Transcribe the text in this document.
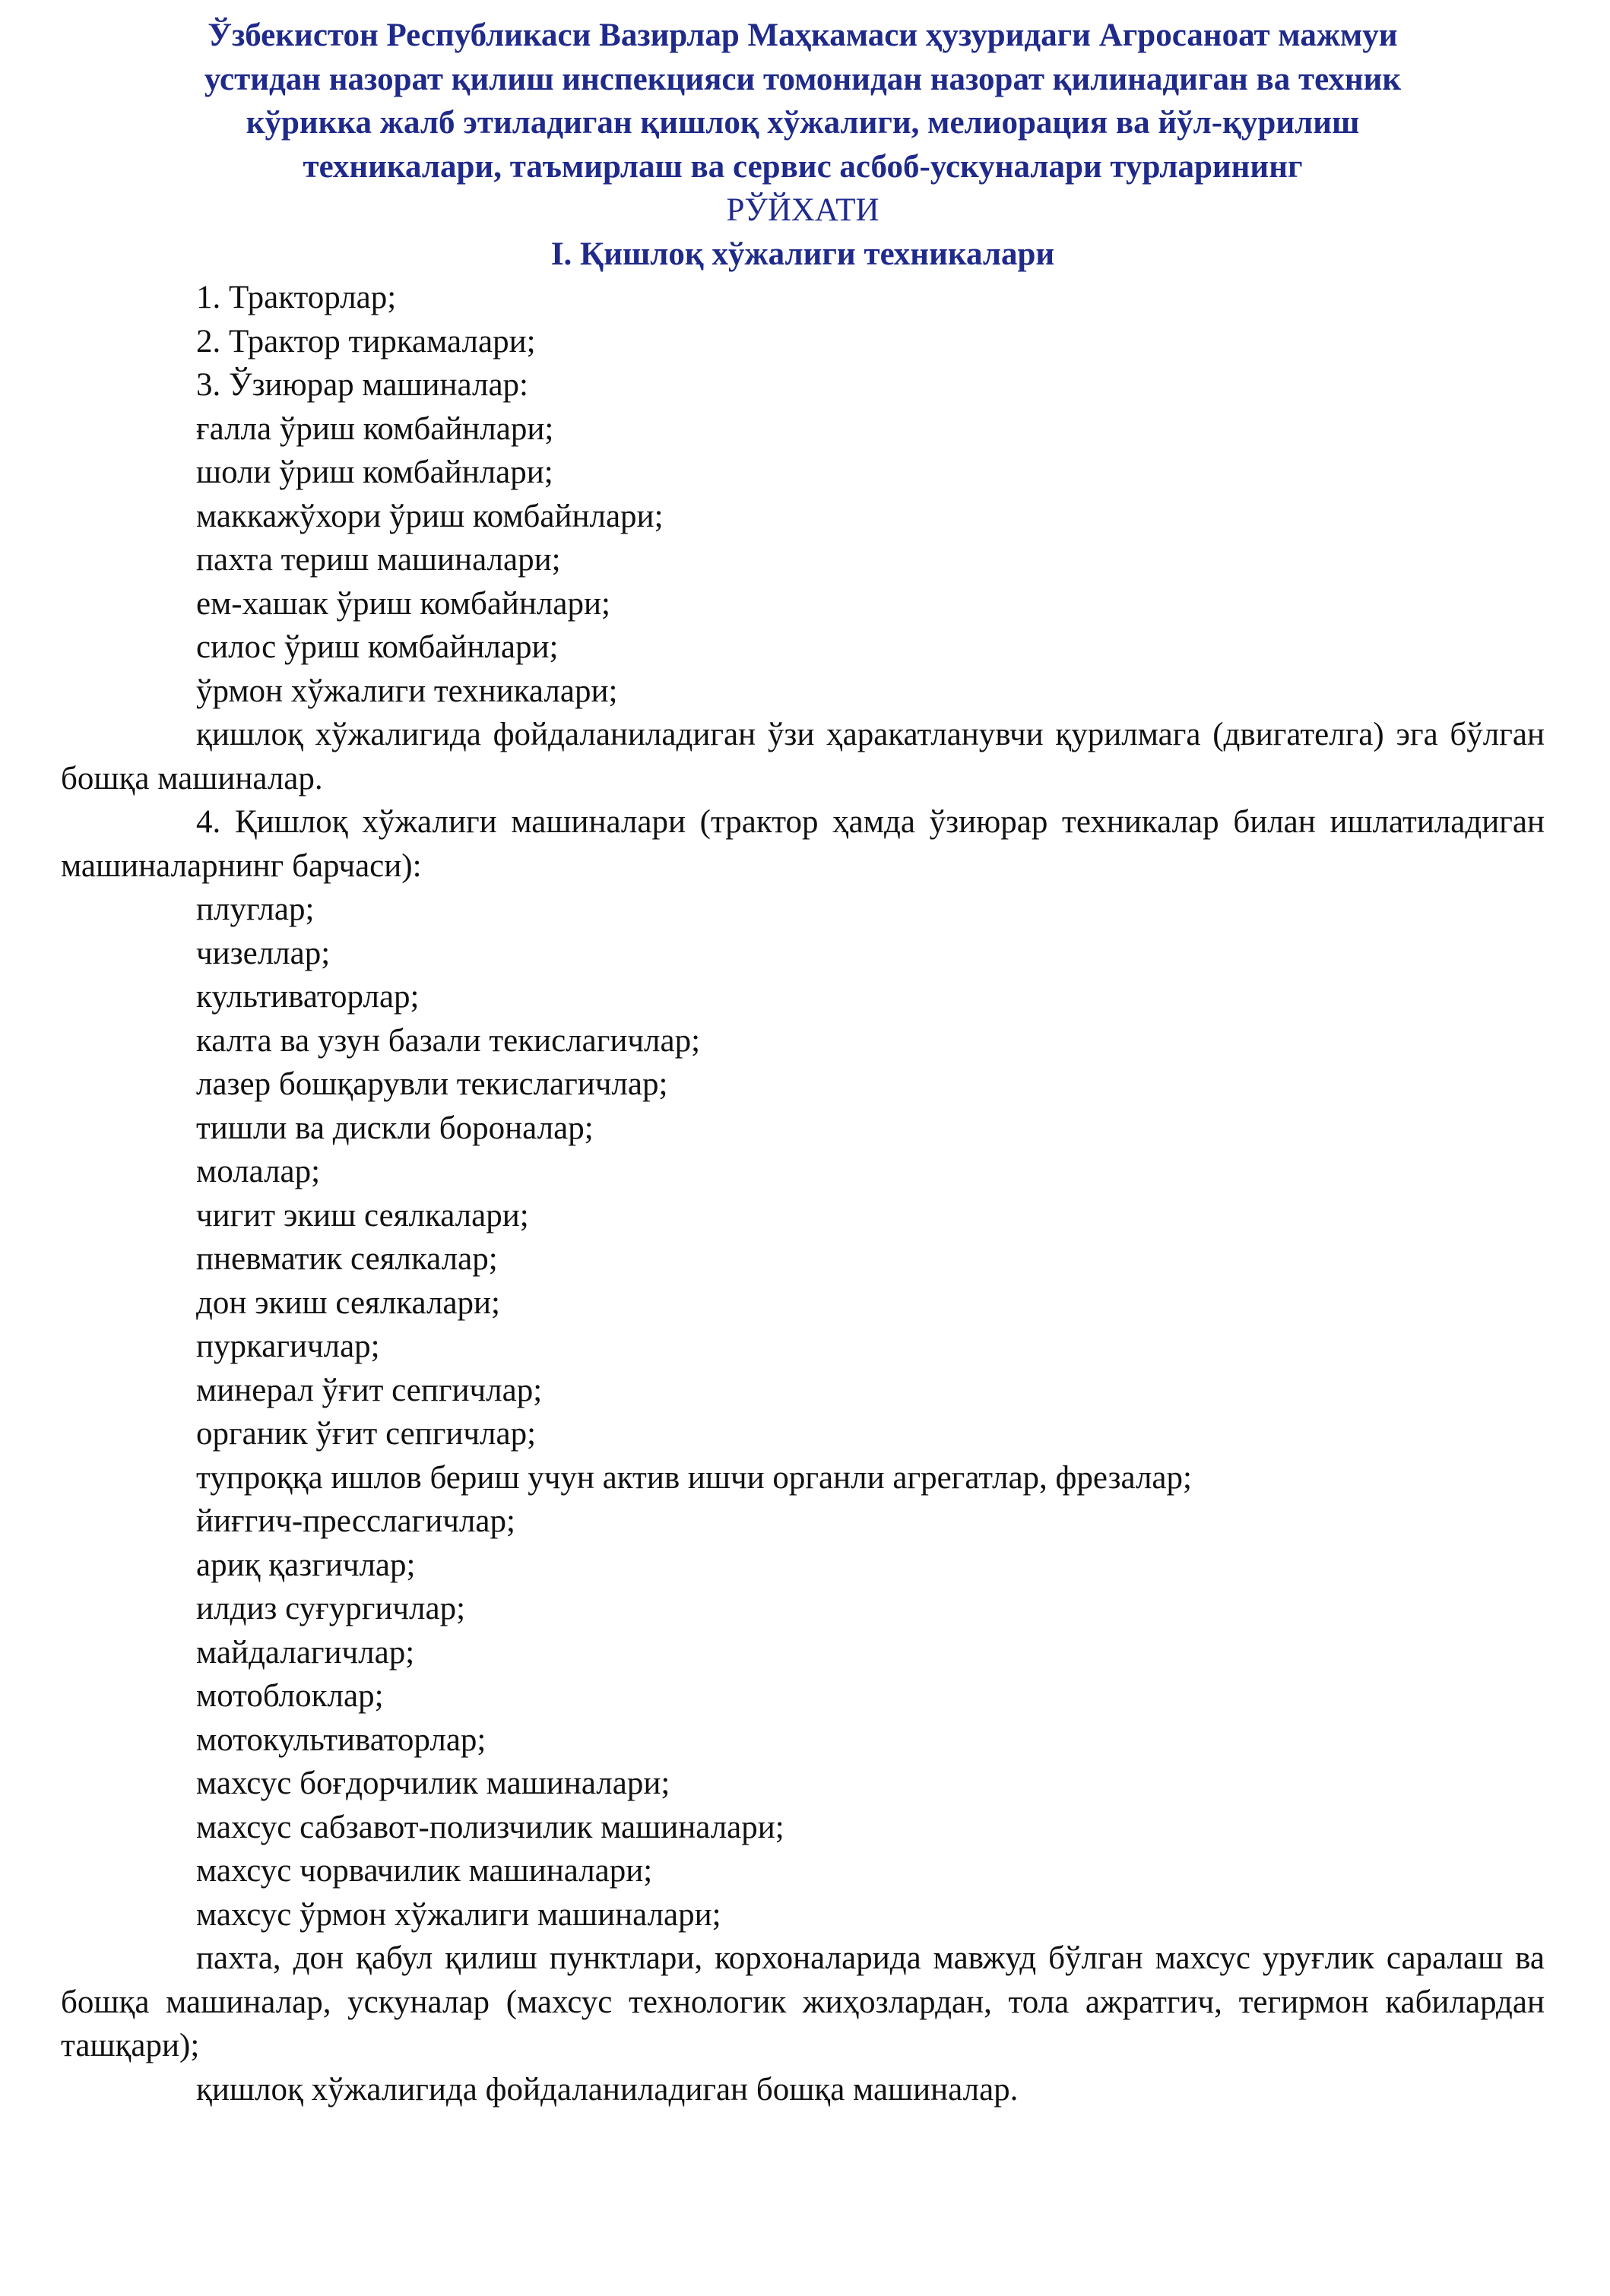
Ўзбекистон Республикаси Вазирлар Маҳкамаси ҳузуридаги Агросаноат мажмуи
устидан назорат қилиш инспекцияси томонидан назорат қилинадиган ва техник
кўрикка жалб этиладиган қишлоқ хўжалиги, мелиорация ва йўл-қурилиш
техникалари, таъмирлаш ва сервис асбоб-ускуналари турларининг
РЎЙХАТИ
I. Қишлоқ хўжалиги техникалари

1. Тракторлар;

2. Трактор тиркамалари;

3. Ўзиюрар машиналар:

ғалла ўриш комбайнлари;

шоли ўриш комбайнлари;

маккажўхори ўриш комбайнлари;

пахта териш машиналари;

ем-хашак ўриш комбайнлари;

силос ўриш комбайнлари;

ўрмон хўжалиги техникалари;

қишлоқ хўжалигида фойдаланиладиган ўзи ҳаракатланувчи қурилмага (двигателга) эга бўлган бошқа машиналар.

4. Қишлоқ хўжалиги машиналари (трактор ҳамда ўзиюрар техникалар билан ишлатиладиган машиналарнинг барчаси):

плуглар;

чизеллар;

культиваторлар;

калта ва узун базали текислагичлар;

лазер бошқарувли текислагичлар;

тишли ва дискли бороналар;

молалар;

чигит экиш сеялкалари;

пневматик сеялкалар;

дон экиш сеялкалари;

пуркагичлар;

минерал ўғит сепгичлар;

органик ўғит сепгичлар;

тупроққа ишлов бериш учун актив ишчи органли агрегатлар, фрезалар;

йиғгич-пресслагичлар;

ариқ қазгичлар;

илдиз суғургичлар;

майдалагичлар;

мотоблоклар;

мотокультиваторлар;

махсус боғдорчилик машиналари;

махсус сабзавот-полизчилик машиналари;

махсус чорвачилик машиналари;

махсус ўрмон хўжалиги машиналари;

пахта, дон қабул қилиш пунктлари, корхоналарида мавжуд бўлган махсус уруғлик саралаш ва бошқа машиналар, ускуналар (махсус технологик жиҳозлардан, тола ажратгич, тегирмон кабилардан ташқари);

қишлоқ хўжалигида фойдаланиладиган бошқа машиналар.
